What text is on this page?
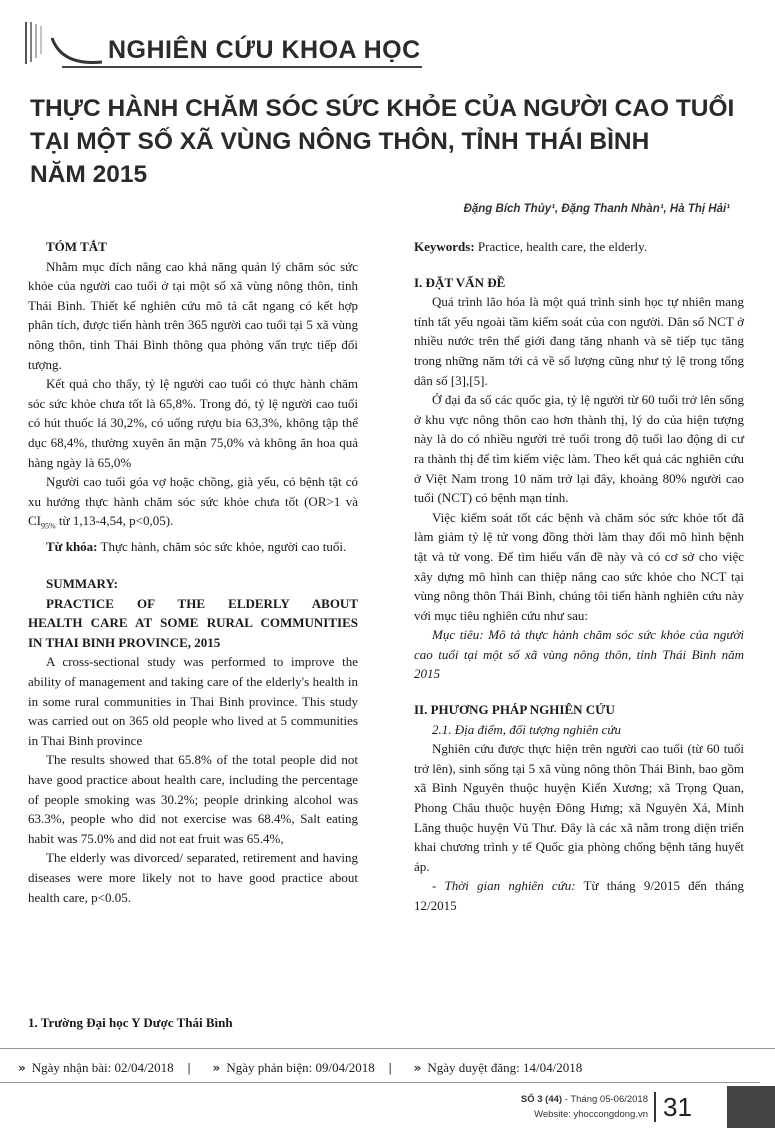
NGHIÊN CỨU KHOA HỌC
THỰC HÀNH CHĂM SÓC SỨC KHỎE CỦA NGƯỜI CAO TUỔI
TẠI MỘT SỐ XÃ VÙNG NÔNG THÔN, TỈNH THÁI BÌNH
NĂM 2015
Đặng Bích Thủy¹, Đặng Thanh Nhàn¹, Hà Thị Hải¹

TÓM TẮT

Nhằm mục đích nâng cao khả năng quản lý chăm sóc sức khỏe của người cao tuổi ở tại một số xã vùng nông thôn, tỉnh Thái Bình. Thiết kế nghiên cứu mô tả cắt ngang có kết hợp phân tích, được tiến hành trên 365 người cao tuổi tại 5 xã vùng nông thôn, tỉnh Thái Bình thông qua phỏng vấn trực tiếp đối tượng.

Kết quả cho thấy, tỷ lệ người cao tuổi có thực hành chăm sóc sức khỏe chưa tốt là 65,8%. Trong đó, tỷ lệ người cao tuổi có hút thuốc lá 30,2%, có uống rượu bia 63,3%, không tập thể dục 68,4%, thường xuyên ăn mặn 75,0% và không ăn hoa quả hàng ngày là 65,0%

Người cao tuổi góa vợ hoặc chồng, già yếu, có bệnh tật có xu hướng thực hành chăm sóc sức khỏe chưa tốt (OR>1 và $CI_{95\%}$ từ 1,13-4,54, p<0,05).

Từ khóa: Thực hành, chăm sóc sức khỏe, người cao tuổi.

SUMMARY:

PRACTICE OF THE ELDERLY ABOUT

HEALTH CARE AT SOME RURAL COMMUNITIES

IN THAI BINH PROVINCE, 2015

A cross-sectional study was performed to improve the ability of management and taking care of the elderly's health in in some rural communities in Thai Binh province. This study was carried out on 365 old people who lived at 5 communities in Thai Binh province

The results showed that 65.8% of the total people did not have good practice about health care, including the percentage of people smoking was 30.2%; people drinking alcohol was 63.3%, people who did not exercise was 68.4%, Salt eating habit was 75.0% and did not eat fruit was 65.4%,

The elderly was divorced/ separated, retirement and having diseases were more likely not to have good practice about health care, p<0.05.

Keywords: Practice, health care, the elderly.

I. ĐẶT VẤN ĐỀ

Quá trình lão hóa là một quá trình sinh học tự nhiên mang tính tất yếu ngoài tầm kiểm soát của con người. Dân số NCT ở nhiều nước trên thế giới đang tăng nhanh và sẽ tiếp tục tăng trong những năm tới cả về số lượng cũng như tỷ lệ trong tổng dân số [3],[5].

Ở đại đa số các quốc gia, tỷ lệ người từ 60 tuổi trở lên sống ở khu vực nông thôn cao hơn thành thị, lý do của hiện tượng này là do có nhiều người trẻ tuổi trong độ tuổi lao động di cư ra thành thị để tìm kiếm việc làm. Theo kết quả các nghiên cứu ở Việt Nam trong 10 năm trở lại đây, khoảng 80% người cao tuổi (NCT) có bệnh mạn tính.

Việc kiểm soát tốt các bệnh và chăm sóc sức khỏe tốt đã làm giảm tỷ lệ tử vong đồng thời làm thay đổi mô hình bệnh tật và tử vong. Để tìm hiểu vấn đề này và có cơ sở cho việc xây dựng mô hình can thiệp nâng cao sức khỏe cho NCT tại vùng nông thôn Thái Bình, chúng tôi tiến hành nghiên cứu này với mục tiêu nghiên cứu như sau:

Mục tiêu: Mô tả thực hành chăm sóc sức khỏe của người cao tuổi tại một số xã vùng nông thôn, tỉnh Thái Bình năm 2015

II. PHƯƠNG PHÁP NGHIÊN CỨU

2.1. Địa điểm, đối tượng nghiên cứu

Nghiên cứu được thực hiện trên người cao tuổi (từ 60 tuổi trở lên), sinh sống tại 5 xã vùng nông thôn Thái Bình, bao gồm xã Bình Nguyên thuộc huyện Kiến Xương; xã Trọng Quan, Phong Châu thuộc huyện Đông Hưng; xã Nguyên Xá, Minh Lãng thuộc huyện Vũ Thư. Đây là các xã nằm trong diện triển khai chương trình y tế Quốc gia phòng chống bệnh tăng huyết áp.

- Thời gian nghiên cứu: Từ tháng 9/2015 đến tháng 12/2015

1. Trường Đại học Y Dược Thái Bình
» Ngày nhận bài: 02/04/2018 | » Ngày phản biện: 09/04/2018 | » Ngày duyệt đăng: 14/04/2018
SỐ 3 (44) - Tháng 05-06/2018
Website: yhoccongdong.vn 31
